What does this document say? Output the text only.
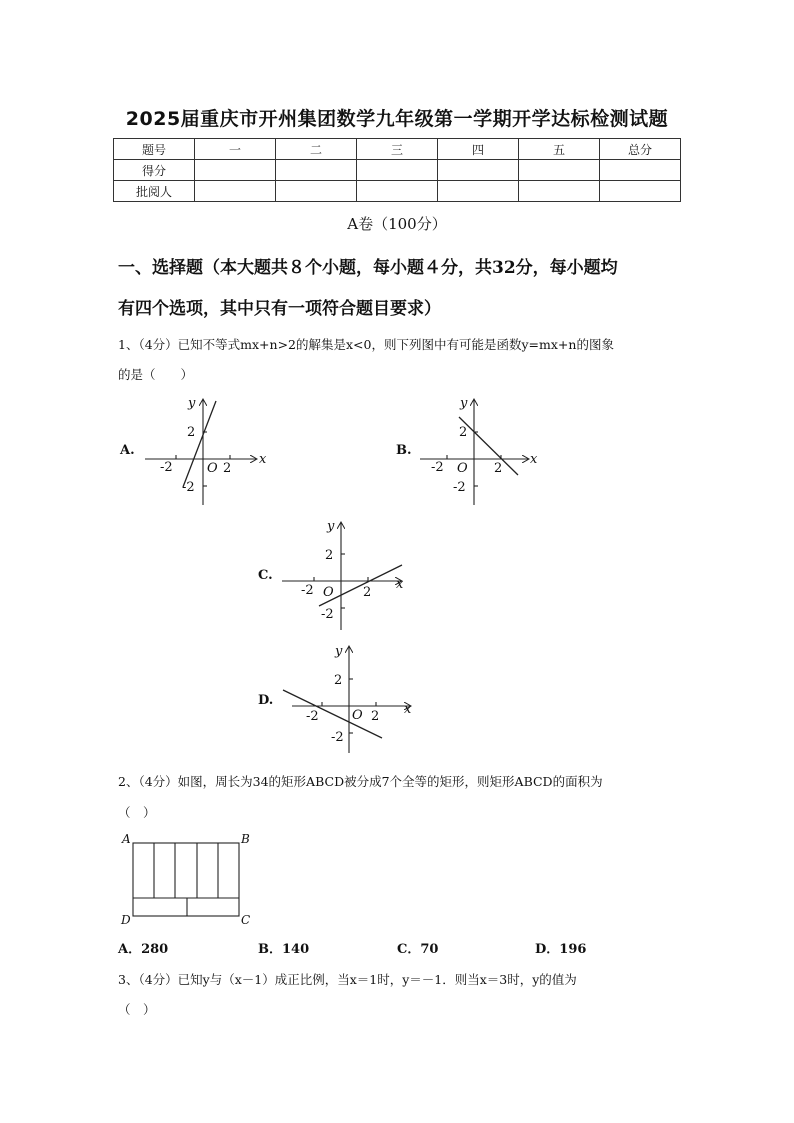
2025届重庆市开州集团数学九年级第一学期开学达标检测试题
题号	一	二	三	四	五	总分
得分						
批阅人						
A卷（100分）
一、选择题（本大题共８个小题，每小题４分，共32分，每小题均
有四个选项，其中只有一项符合题目要求）
1、（4分）已知不等式mx+n>2的解集是x<0，则下列图中有可能是函数y=mx+n的图象
的是（　　）
A.	B.
C.
D.
y
x
O 2
-2
2
-2
y
x
O 2
-2
2
-2
y
x
O 2
-2
2
-2
y
x
O 2
-2
2
-2
A	B
C
D
2、（4分）如图，周长为34的矩形ABCD被分成7个全等的矩形，则矩形ABCD的面积为
（　）
A．280	B．140	C．70	D．196
3、（4分）已知y与（x－1）成正比例，当x＝1时，y＝－1．则当x＝3时，y的值为
（　）
